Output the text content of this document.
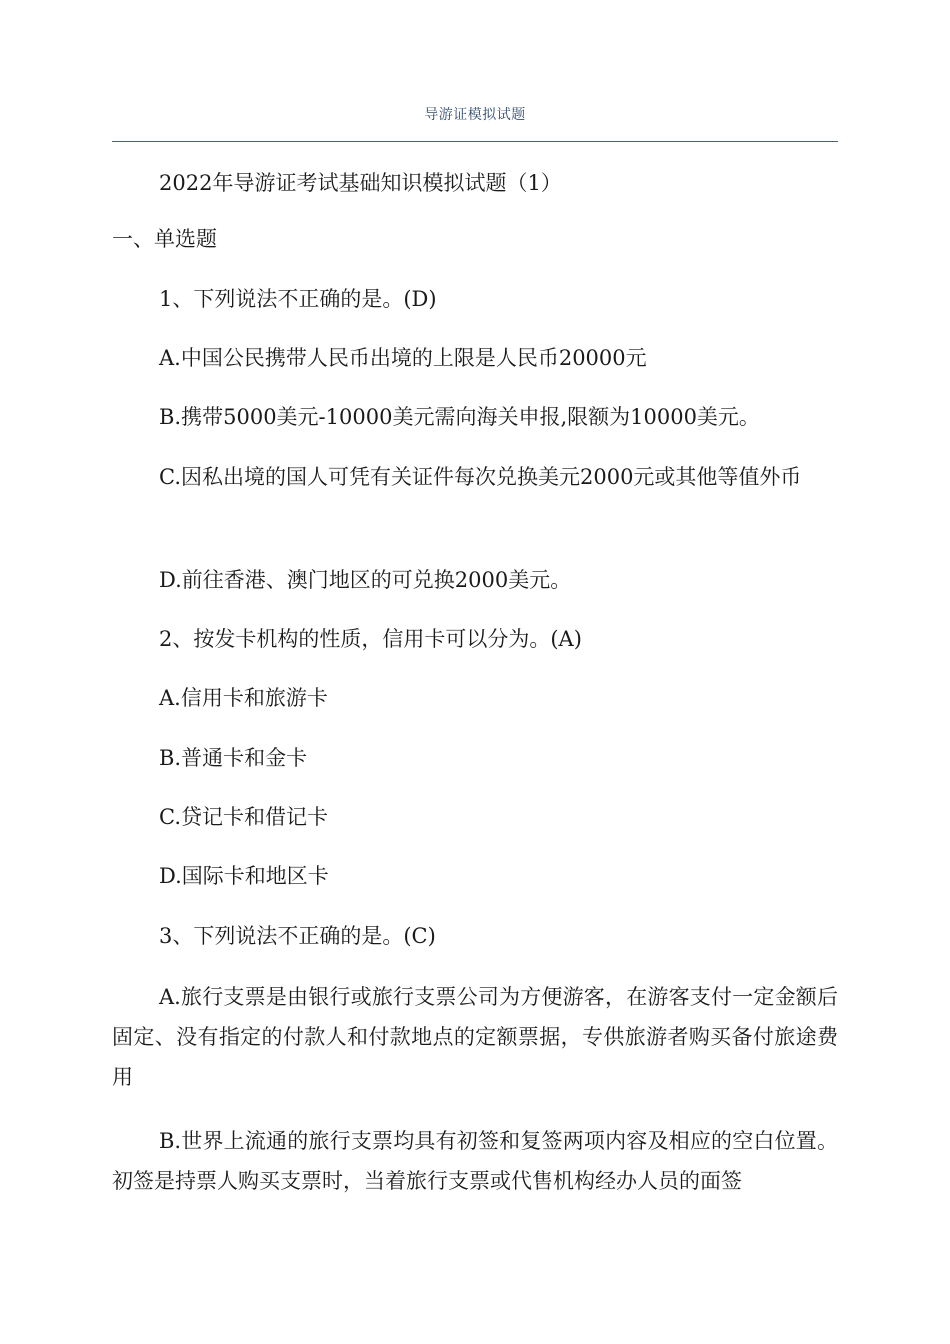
导游证模拟试题
2022年导游证考试基础知识模拟试题（1）
一、单选题
1、下列说法不正确的是。(D)
A.中国公民携带人民币出境的上限是人民币20000元
B.携带5000美元-10000美元需向海关申报,限额为10000美元。
C.因私出境的国人可凭有关证件每次兑换美元2000元或其他等值外币
D.前往香港、澳门地区的可兑换2000美元。
2、按发卡机构的性质，信用卡可以分为。(A)
A.信用卡和旅游卡
B.普通卡和金卡
C.贷记卡和借记卡
D.国际卡和地区卡
3、下列说法不正确的是。(C)
A.旅行支票是由银行或旅行支票公司为方便游客，在游客支付一定金额后固定、没有指定的付款人和付款地点的定额票据，专供旅游者购买备付旅途费用
B.世界上流通的旅行支票均具有初签和复签两项内容及相应的空白位置。初签是持票人购买支票时，当着旅行支票或代售机构经办人员的面签
